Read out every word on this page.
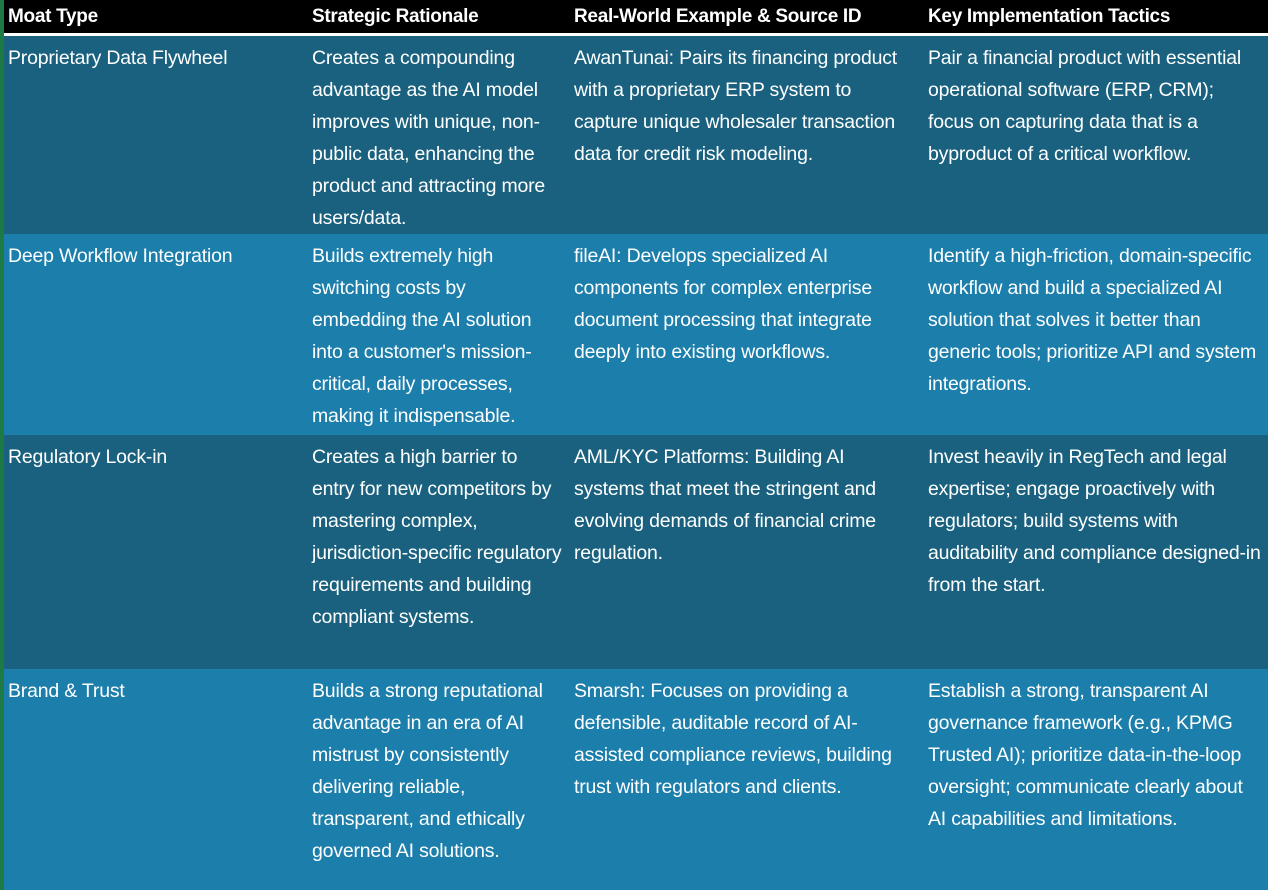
Moat Type	Strategic Rationale	Real-World Example & Source ID	Key Implementation Tactics
Proprietary Data Flywheel	Creates a compounding advantage as the AI model improves with unique, non-public data, enhancing the product and attracting more users/data.	AwanTunai: Pairs its financing product with a proprietary ERP system to capture unique wholesaler transaction data for credit risk modeling.	Pair a financial product with essential operational software (ERP, CRM); focus on capturing data that is a byproduct of a critical workflow.
Deep Workflow Integration	Builds extremely high switching costs by embedding the AI solution into a customer's mission-critical, daily processes, making it indispensable.	fileAI: Develops specialized AI components for complex enterprise document processing that integrate deeply into existing workflows.	Identify a high-friction, domain-specific workflow and build a specialized AI solution that solves it better than generic tools; prioritize API and system integrations.
Regulatory Lock-in	Creates a high barrier to entry for new competitors by mastering complex, jurisdiction-specific regulatory requirements and building compliant systems.	AML/KYC Platforms: Building AI systems that meet the stringent and evolving demands of financial crime regulation.	Invest heavily in RegTech and legal expertise; engage proactively with regulators; build systems with auditability and compliance designed-in from the start.
Brand & Trust	Builds a strong reputational advantage in an era of AI mistrust by consistently delivering reliable, transparent, and ethically governed AI solutions.	Smarsh: Focuses on providing a defensible, auditable record of AI-assisted compliance reviews, building trust with regulators and clients.	Establish a strong, transparent AI governance framework (e.g., KPMG Trusted AI); prioritize data-in-the-loop oversight; communicate clearly about AI capabilities and limitations.
